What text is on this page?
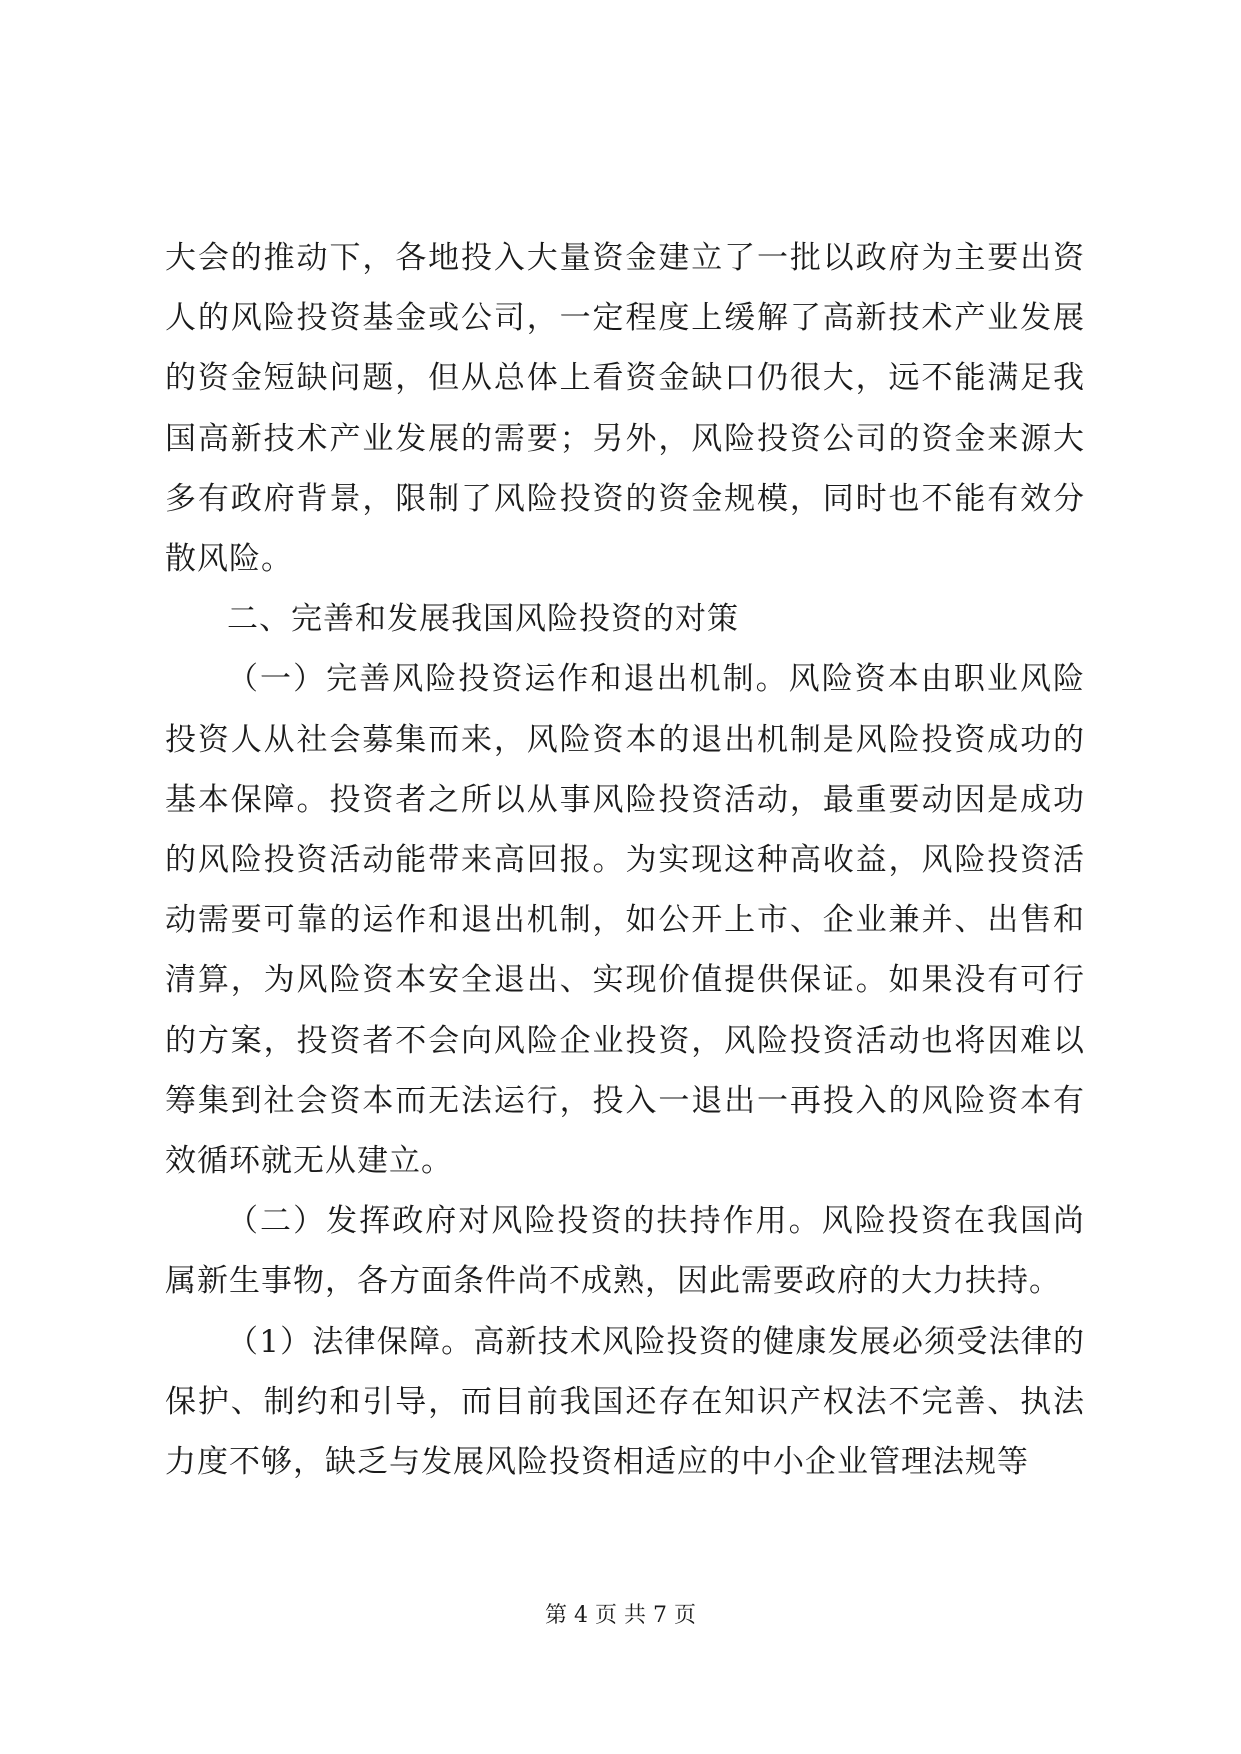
大会的推动下，各地投入大量资金建立了一批以政府为主要出资人的风险投资基金或公司，一定程度上缓解了高新技术产业发展的资金短缺问题，但从总体上看资金缺口仍很大，远不能满足我国高新技术产业发展的需要；另外，风险投资公司的资金来源大多有政府背景，限制了风险投资的资金规模，同时也不能有效分散风险。

二、完善和发展我国风险投资的对策

（一）完善风险投资运作和退出机制。风险资本由职业风险投资人从社会募集而来，风险资本的退出机制是风险投资成功的基本保障。投资者之所以从事风险投资活动，最重要动因是成功的风险投资活动能带来高回报。为实现这种高收益，风险投资活动需要可靠的运作和退出机制，如公开上市、企业兼并、出售和清算，为风险资本安全退出、实现价值提供保证。如果没有可行的方案，投资者不会向风险企业投资，风险投资活动也将因难以筹集到社会资本而无法运行，投入一退出一再投入的风险资本有效循环就无从建立。

（二）发挥政府对风险投资的扶持作用。风险投资在我国尚属新生事物，各方面条件尚不成熟，因此需要政府的大力扶持。

（1）法律保障。高新技术风险投资的健康发展必须受法律的保护、制约和引导，而目前我国还存在知识产权法不完善、执法力度不够，缺乏与发展风险投资相适应的中小企业管理法规等

第 4 页 共 7 页
